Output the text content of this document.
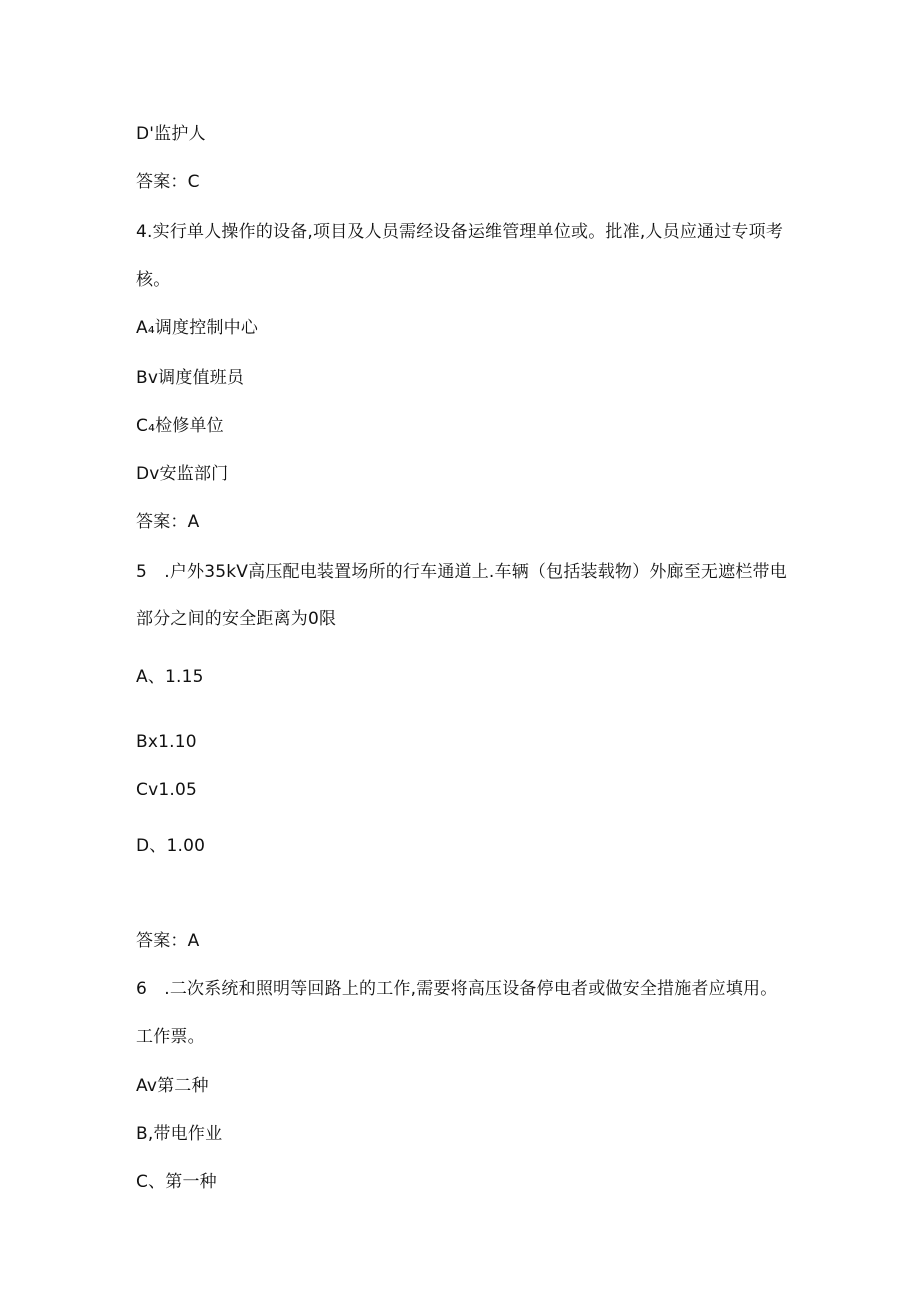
D'监护人
答案：C
4.实行单人操作的设备,项目及人员需经设备运维管理单位或。批准,人员应通过专项考
核。
A₄调度控制中心
Bv调度值班员
C₄检修单位
Dv安监部门
答案：A
5　.户外35kV高压配电装置场所的行车通道上.车辆（包括装载物）外廊至无遮栏带电
部分之间的安全距离为0限
A、1.15
Bx1.10
Cv1.05
D、1.00
答案：A
6　.二次系统和照明等回路上的工作,需要将高压设备停电者或做安全措施者应填用。
工作票。
Av第二种
B,带电作业
C、第一种
